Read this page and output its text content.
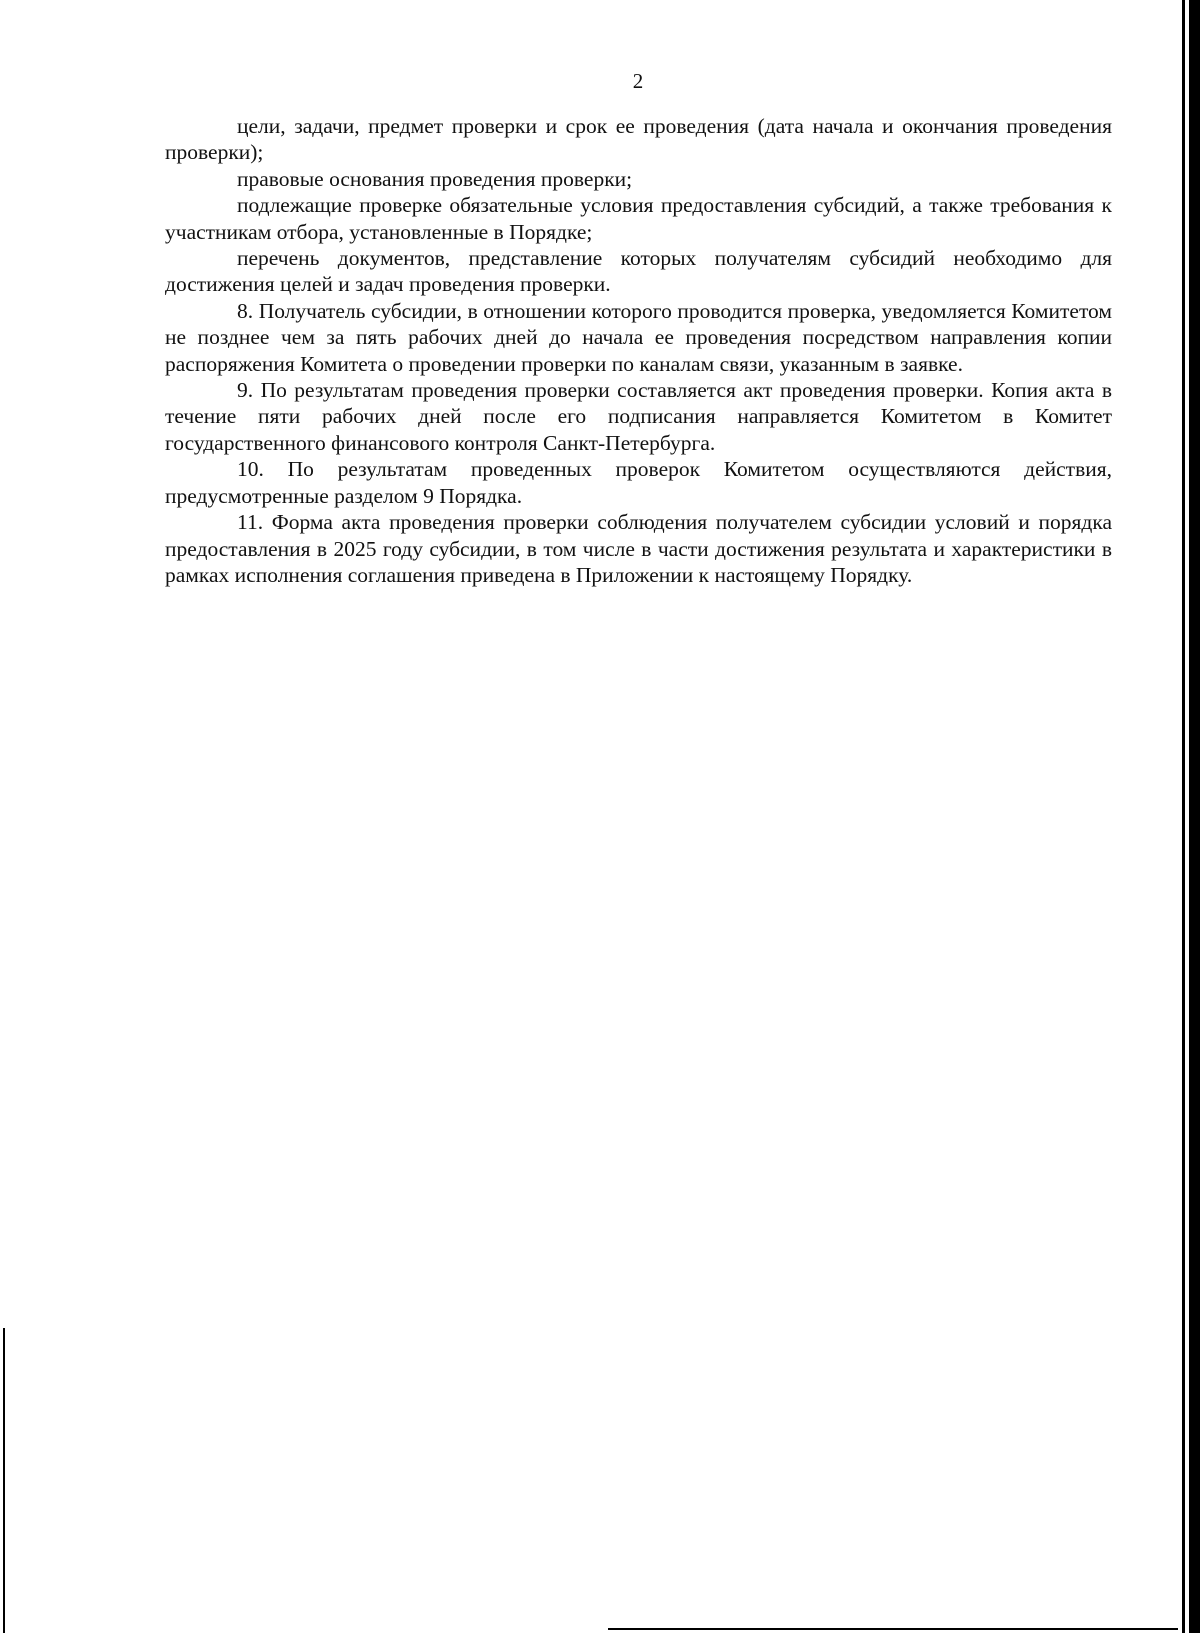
2

цели, задачи, предмет проверки и срок ее проведения (дата начала и окончания проведения проверки);

правовые основания проведения проверки;

подлежащие проверке обязательные условия предоставления субсидий, а также требования к участникам отбора, установленные в Порядке;

перечень документов, представление которых получателям субсидий необходимо для достижения целей и задач проведения проверки.

8. Получатель субсидии, в отношении которого проводится проверка, уведомляется Комитетом не позднее чем за пять рабочих дней до начала ее проведения посредством направления копии распоряжения Комитета о проведении проверки по каналам связи, указанным в заявке.

9. По результатам проведения проверки составляется акт проведения проверки. Копия акта в течение пяти рабочих дней после его подписания направляется Комитетом в Комитет государственного финансового контроля Санкт-Петербурга.

10. По результатам проведенных проверок Комитетом осуществляются действия, предусмотренные разделом 9 Порядка.

11. Форма акта проведения проверки соблюдения получателем субсидии условий и порядка предоставления в 2025 году субсидии, в том числе в части достижения результата и характеристики в рамках исполнения соглашения приведена в Приложении к настоящему Порядку.
